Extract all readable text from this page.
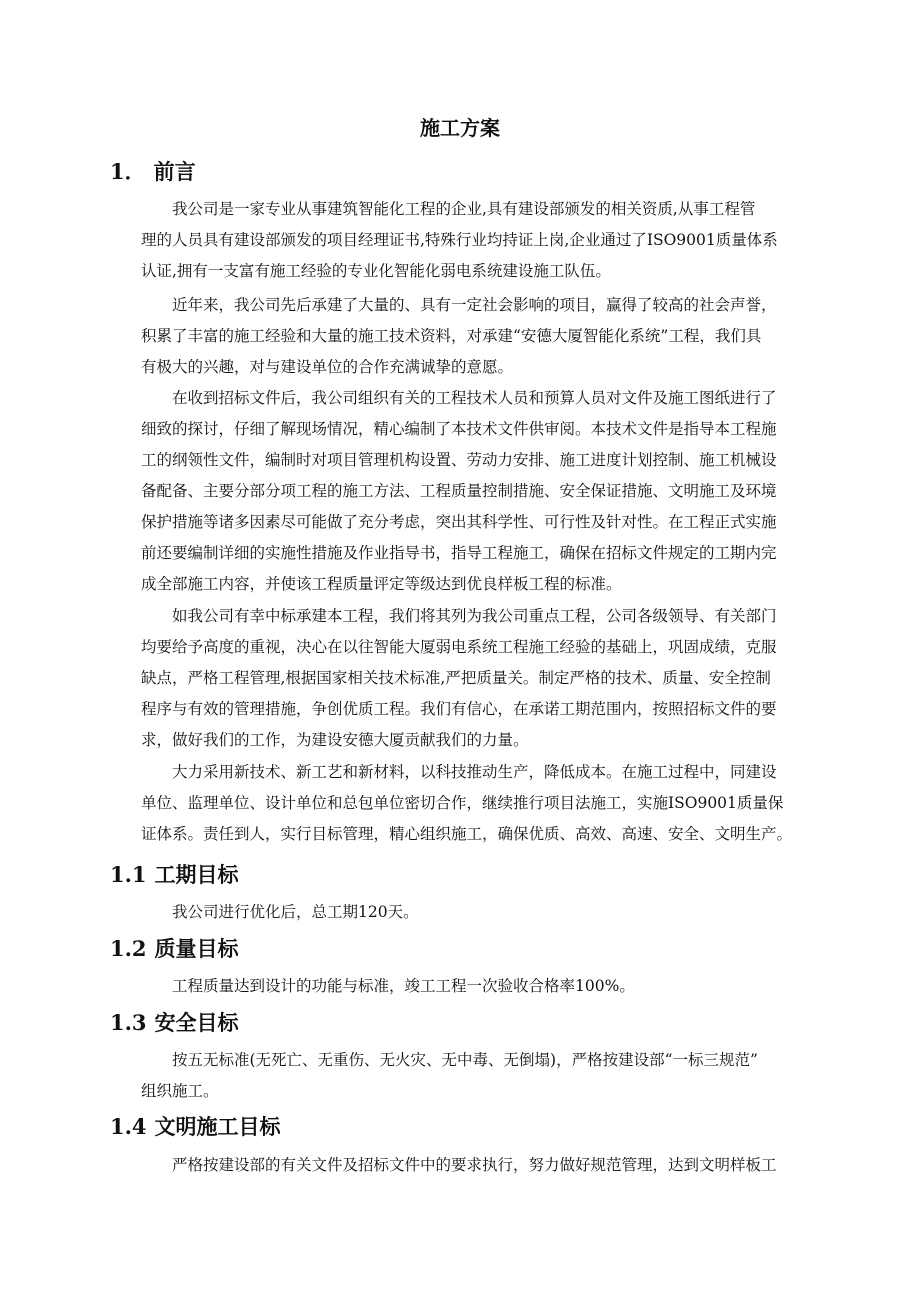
施工方案
1． 前言
我公司是一家专业从事建筑智能化工程的企业,具有建设部颁发的相关资质,从事工程管
理的人员具有建设部颁发的项目经理证书,特殊行业均持证上岗,企业通过了ISO9001质量体系
认证,拥有一支富有施工经验的专业化智能化弱电系统建设施工队伍。
近年来，我公司先后承建了大量的、具有一定社会影响的项目，赢得了较高的社会声誉，
积累了丰富的施工经验和大量的施工技术资料，对承建“安德大厦智能化系统”工程，我们具
有极大的兴趣，对与建设单位的合作充满诚挚的意愿。
在收到招标文件后，我公司组织有关的工程技术人员和预算人员对文件及施工图纸进行了
细致的探讨，仔细了解现场情况，精心编制了本技术文件供审阅。本技术文件是指导本工程施
工的纲领性文件，编制时对项目管理机构设置、劳动力安排、施工进度计划控制、施工机械设
备配备、主要分部分项工程的施工方法、工程质量控制措施、安全保证措施、文明施工及环境
保护措施等诸多因素尽可能做了充分考虑，突出其科学性、可行性及针对性。在工程正式实施
前还要编制详细的实施性措施及作业指导书，指导工程施工，确保在招标文件规定的工期内完
成全部施工内容，并使该工程质量评定等级达到优良样板工程的标准。
如我公司有幸中标承建本工程，我们将其列为我公司重点工程，公司各级领导、有关部门
均要给予高度的重视，决心在以往智能大厦弱电系统工程施工经验的基础上，巩固成绩，克服
缺点，严格工程管理,根据国家相关技术标准,严把质量关。制定严格的技术、质量、安全控制
程序与有效的管理措施，争创优质工程。我们有信心，在承诺工期范围内，按照招标文件的要
求，做好我们的工作，为建设安德大厦贡献我们的力量。
大力采用新技术、新工艺和新材料，以科技推动生产，降低成本。在施工过程中，同建设
单位、监理单位、设计单位和总包单位密切合作，继续推行项目法施工，实施ISO9001质量保
证体系。责任到人，实行目标管理，精心组织施工，确保优质、高效、高速、安全、文明生产。
1.1 工期目标
我公司进行优化后，总工期120天。
1.2 质量目标
工程质量达到设计的功能与标准，竣工工程一次验收合格率100%。
1.3 安全目标
按五无标准(无死亡、无重伤、无火灾、无中毒、无倒塌)，严格按建设部“一标三规范”
组织施工。
1.4 文明施工目标
严格按建设部的有关文件及招标文件中的要求执行，努力做好规范管理，达到文明样板工
